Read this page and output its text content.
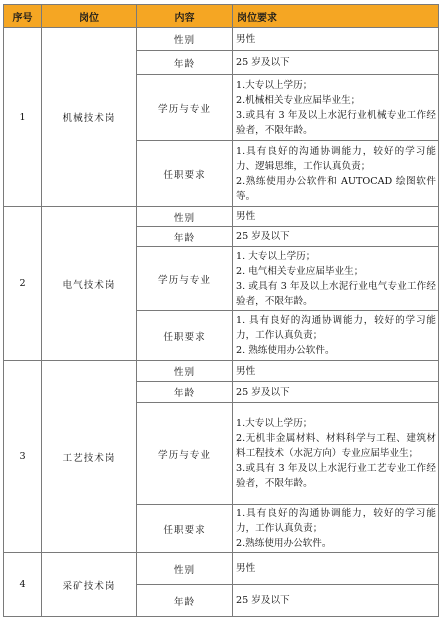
序号	岗位	内容	岗位要求
1	机械技术岗	性别	男性

		年龄	25 岁及以下

		学历与专业	1.大专以上学历；
2.机械相关专业应届毕业生；
3.或具有 3 年及以上水泥行业机械专业工作经验者，不限年龄。

		任职要求	1.具有良好的沟通协调能力，较好的学习能力、逻辑思维，工作认真负责；
2.熟练使用办公软件和 AUTOCAD 绘图软件等。

2	电气技术岗	性别	男性

		年龄	25 岁及以下

		学历与专业	1. 大专以上学历；
2. 电气相关专业应届毕业生；
3. 或具有 3 年及以上水泥行业电气专业工作经验者，不限年龄。

		任职要求	1. 具有良好的沟通协调能力，较好的学习能力，工作认真负责；
2. 熟练使用办公软件。

3	工艺技术岗	性别	男性

		年龄	25 岁及以下

		学历与专业	1.大专以上学历；
2.无机非金属材料、材料科学与工程、建筑材料工程技术（水泥方向）专业应届毕业生；
3.或具有 3 年及以上水泥行业工艺专业工作经验者，不限年龄。

		任职要求	1.具有良好的沟通协调能力，较好的学习能力，工作认真负责；
2.熟练使用办公软件。

4	采矿技术岗	性别	男性

		年龄	25 岁及以下
